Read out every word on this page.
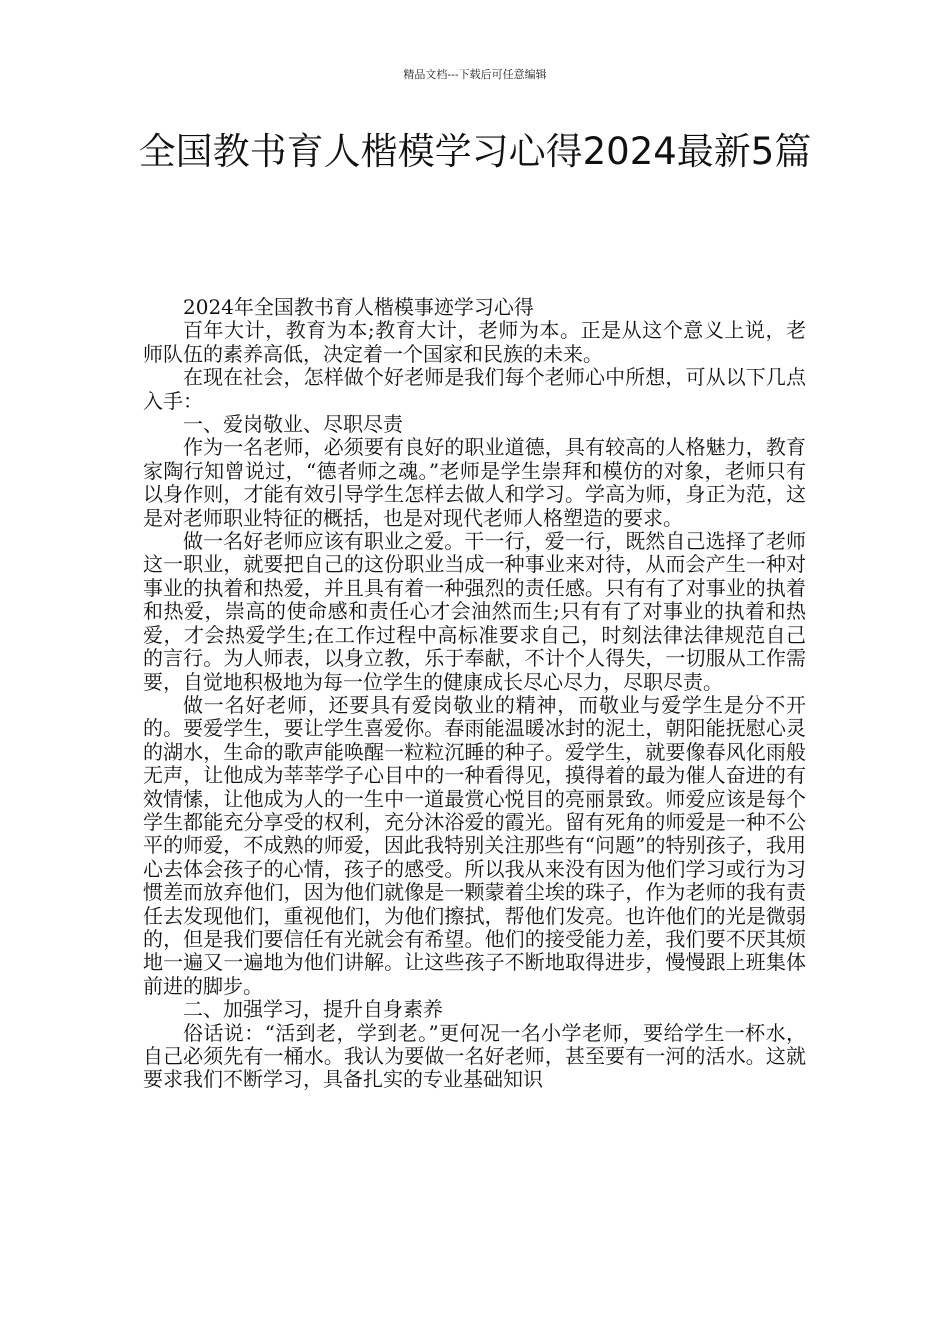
精品文档---下载后可任意编辑
全国教书育人楷模学习心得2024最新5篇

2024年全国教书育人楷模事迹学习心得

百年大计，教育为本;教育大计，老师为本。正是从这个意义上说，老师队伍的素养高低，决定着一个国家和民族的未来。

在现在社会，怎样做个好老师是我们每个老师心中所想，可从以下几点入手：

一、爱岗敬业、尽职尽责

作为一名老师，必须要有良好的职业道德，具有较高的人格魅力，教育家陶行知曾说过，“德者师之魂。”老师是学生崇拜和模仿的对象，老师只有以身作则，才能有效引导学生怎样去做人和学习。学高为师，身正为范，这是对老师职业特征的概括，也是对现代老师人格塑造的要求。

做一名好老师应该有职业之爱。干一行，爱一行，既然自己选择了老师这一职业，就要把自己的这份职业当成一种事业来对待，从而会产生一种对事业的执着和热爱，并且具有着一种强烈的责任感。只有有了对事业的执着和热爱，崇高的使命感和责任心才会油然而生;只有有了对事业的执着和热爱，才会热爱学生;在工作过程中高标准要求自己，时刻法律法律规范自己的言行。为人师表，以身立教，乐于奉献，不计个人得失，一切服从工作需要，自觉地积极地为每一位学生的健康成长尽心尽力，尽职尽责。

做一名好老师，还要具有爱岗敬业的精神，而敬业与爱学生是分不开的。要爱学生，要让学生喜爱你。春雨能温暖冰封的泥土，朝阳能抚慰心灵的湖水，生命的歌声能唤醒一粒粒沉睡的种子。爱学生，就要像春风化雨般无声，让他成为莘莘学子心目中的一种看得见，摸得着的最为催人奋进的有效情愫，让他成为人的一生中一道最赏心悦目的亮丽景致。师爱应该是每个学生都能充分享受的权利，充分沐浴爱的霞光。留有死角的师爱是一种不公平的师爱，不成熟的师爱，因此我特别关注那些有“问题”的特别孩子，我用心去体会孩子的心情，孩子的感受。所以我从来没有因为他们学习或行为习惯差而放弃他们，因为他们就像是一颗蒙着尘埃的珠子，作为老师的我有责任去发现他们，重视他们，为他们擦拭，帮他们发亮。也许他们的光是微弱的，但是我们要信任有光就会有希望。他们的接受能力差，我们要不厌其烦地一遍又一遍地为他们讲解。让这些孩子不断地取得进步，慢慢跟上班集体前进的脚步。

二、加强学习，提升自身素养

俗话说：“活到老，学到老。”更何况一名小学老师，要给学生一杯水，自己必须先有一桶水。我认为要做一名好老师，甚至要有一河的活水。这就要求我们不断学习，具备扎实的专业基础知识
